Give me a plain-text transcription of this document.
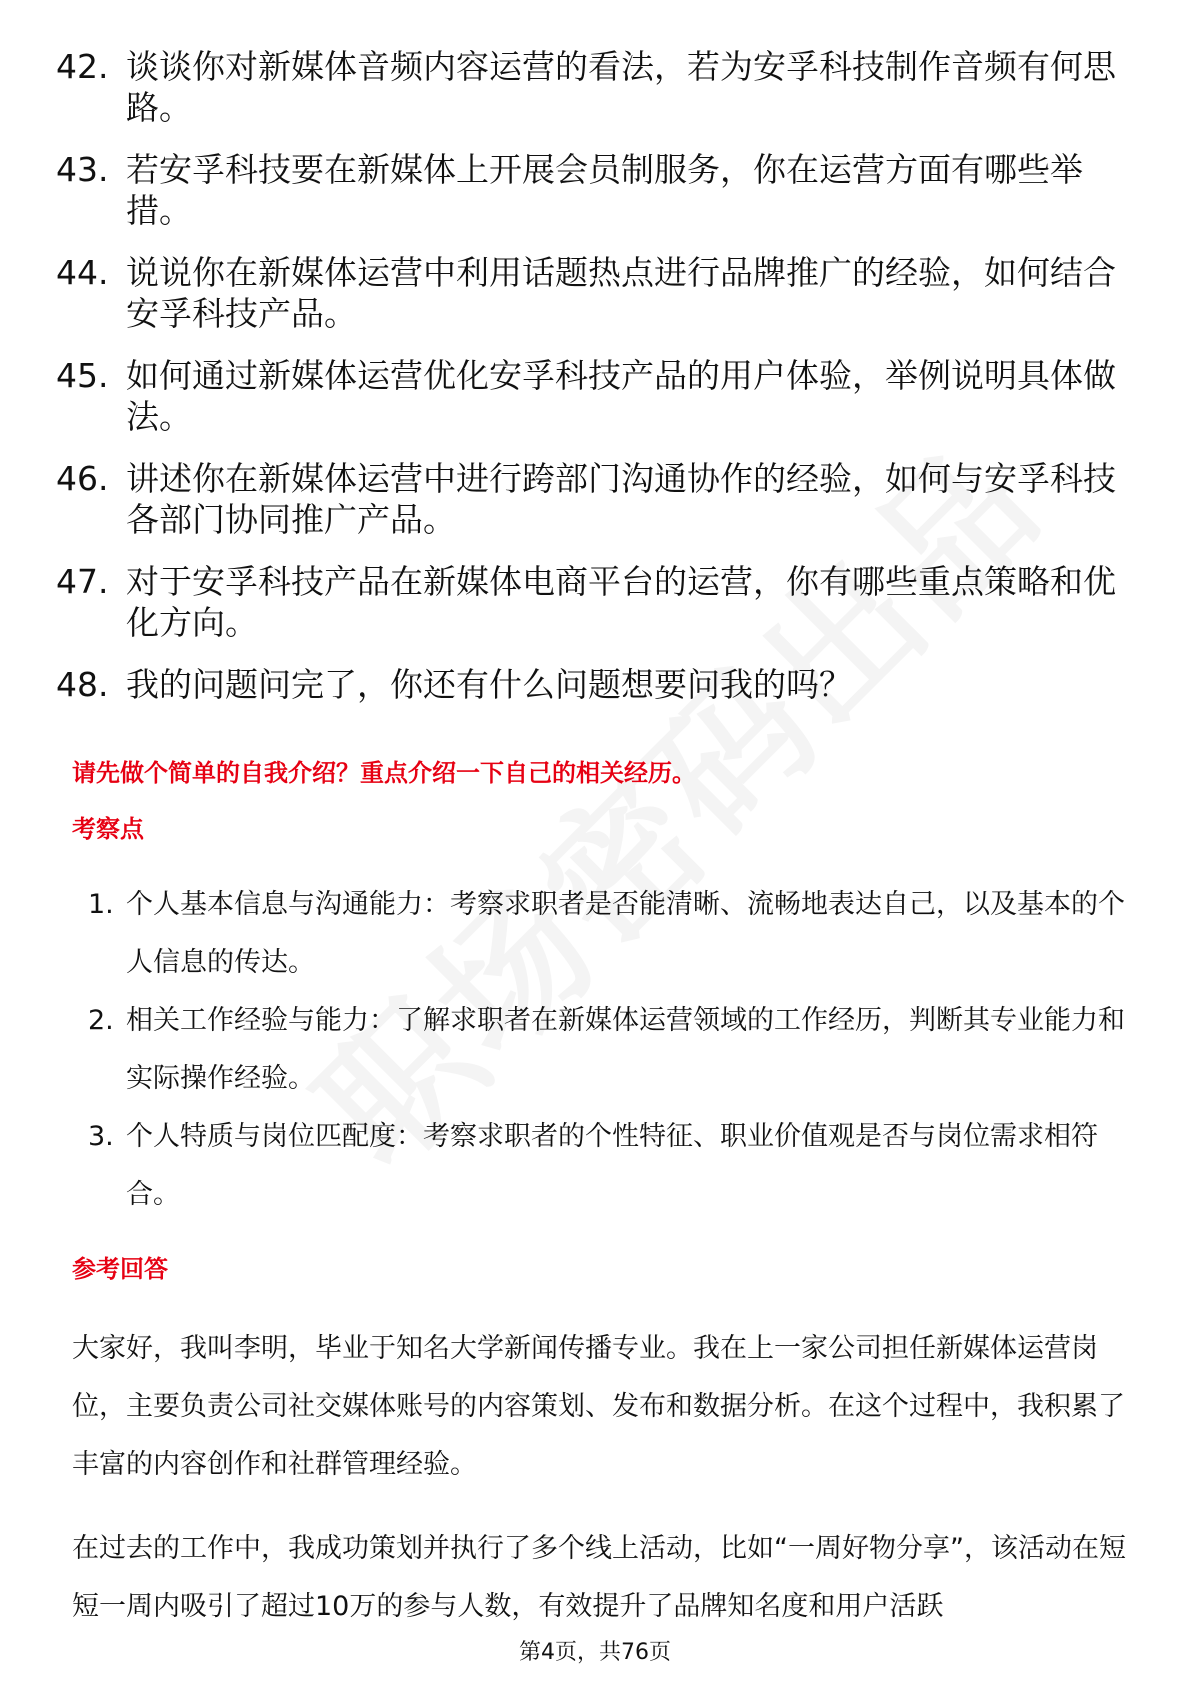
42. 谈谈你对新媒体音频内容运营的看法，若为安孚科技制作音频有何思路。
43. 若安孚科技要在新媒体上开展会员制服务，你在运营方面有哪些举措。
44. 说说你在新媒体运营中利用话题热点进行品牌推广的经验，如何结合安孚科技产品。
45. 如何通过新媒体运营优化安孚科技产品的用户体验，举例说明具体做法。
46. 讲述你在新媒体运营中进行跨部门沟通协作的经验，如何与安孚科技各部门协同推广产品。
47. 对于安孚科技产品在新媒体电商平台的运营，你有哪些重点策略和优化方向。
48. 我的问题问完了，你还有什么问题想要问我的吗？
请先做个简单的自我介绍？重点介绍一下自己的相关经历。
考察点
1. 个人基本信息与沟通能力：考察求职者是否能清晰、流畅地表达自己，以及基本的个人信息的传达。
2. 相关工作经验与能力：了解求职者在新媒体运营领域的工作经历，判断其专业能力和实际操作经验。
3. 个人特质与岗位匹配度：考察求职者的个性特征、职业价值观是否与岗位需求相符合。
参考回答

大家好，我叫李明，毕业于知名大学新闻传播专业。我在上一家公司担任新媒体运营岗位，主要负责公司社交媒体账号的内容策划、发布和数据分析。在这个过程中，我积累了丰富的内容创作和社群管理经验。

在过去的工作中，我成功策划并执行了多个线上活动，比如“一周好物分享”，该活动在短短一周内吸引了超过10万的参与人数，有效提升了品牌知名度和用户活跃

第4页，共76页
